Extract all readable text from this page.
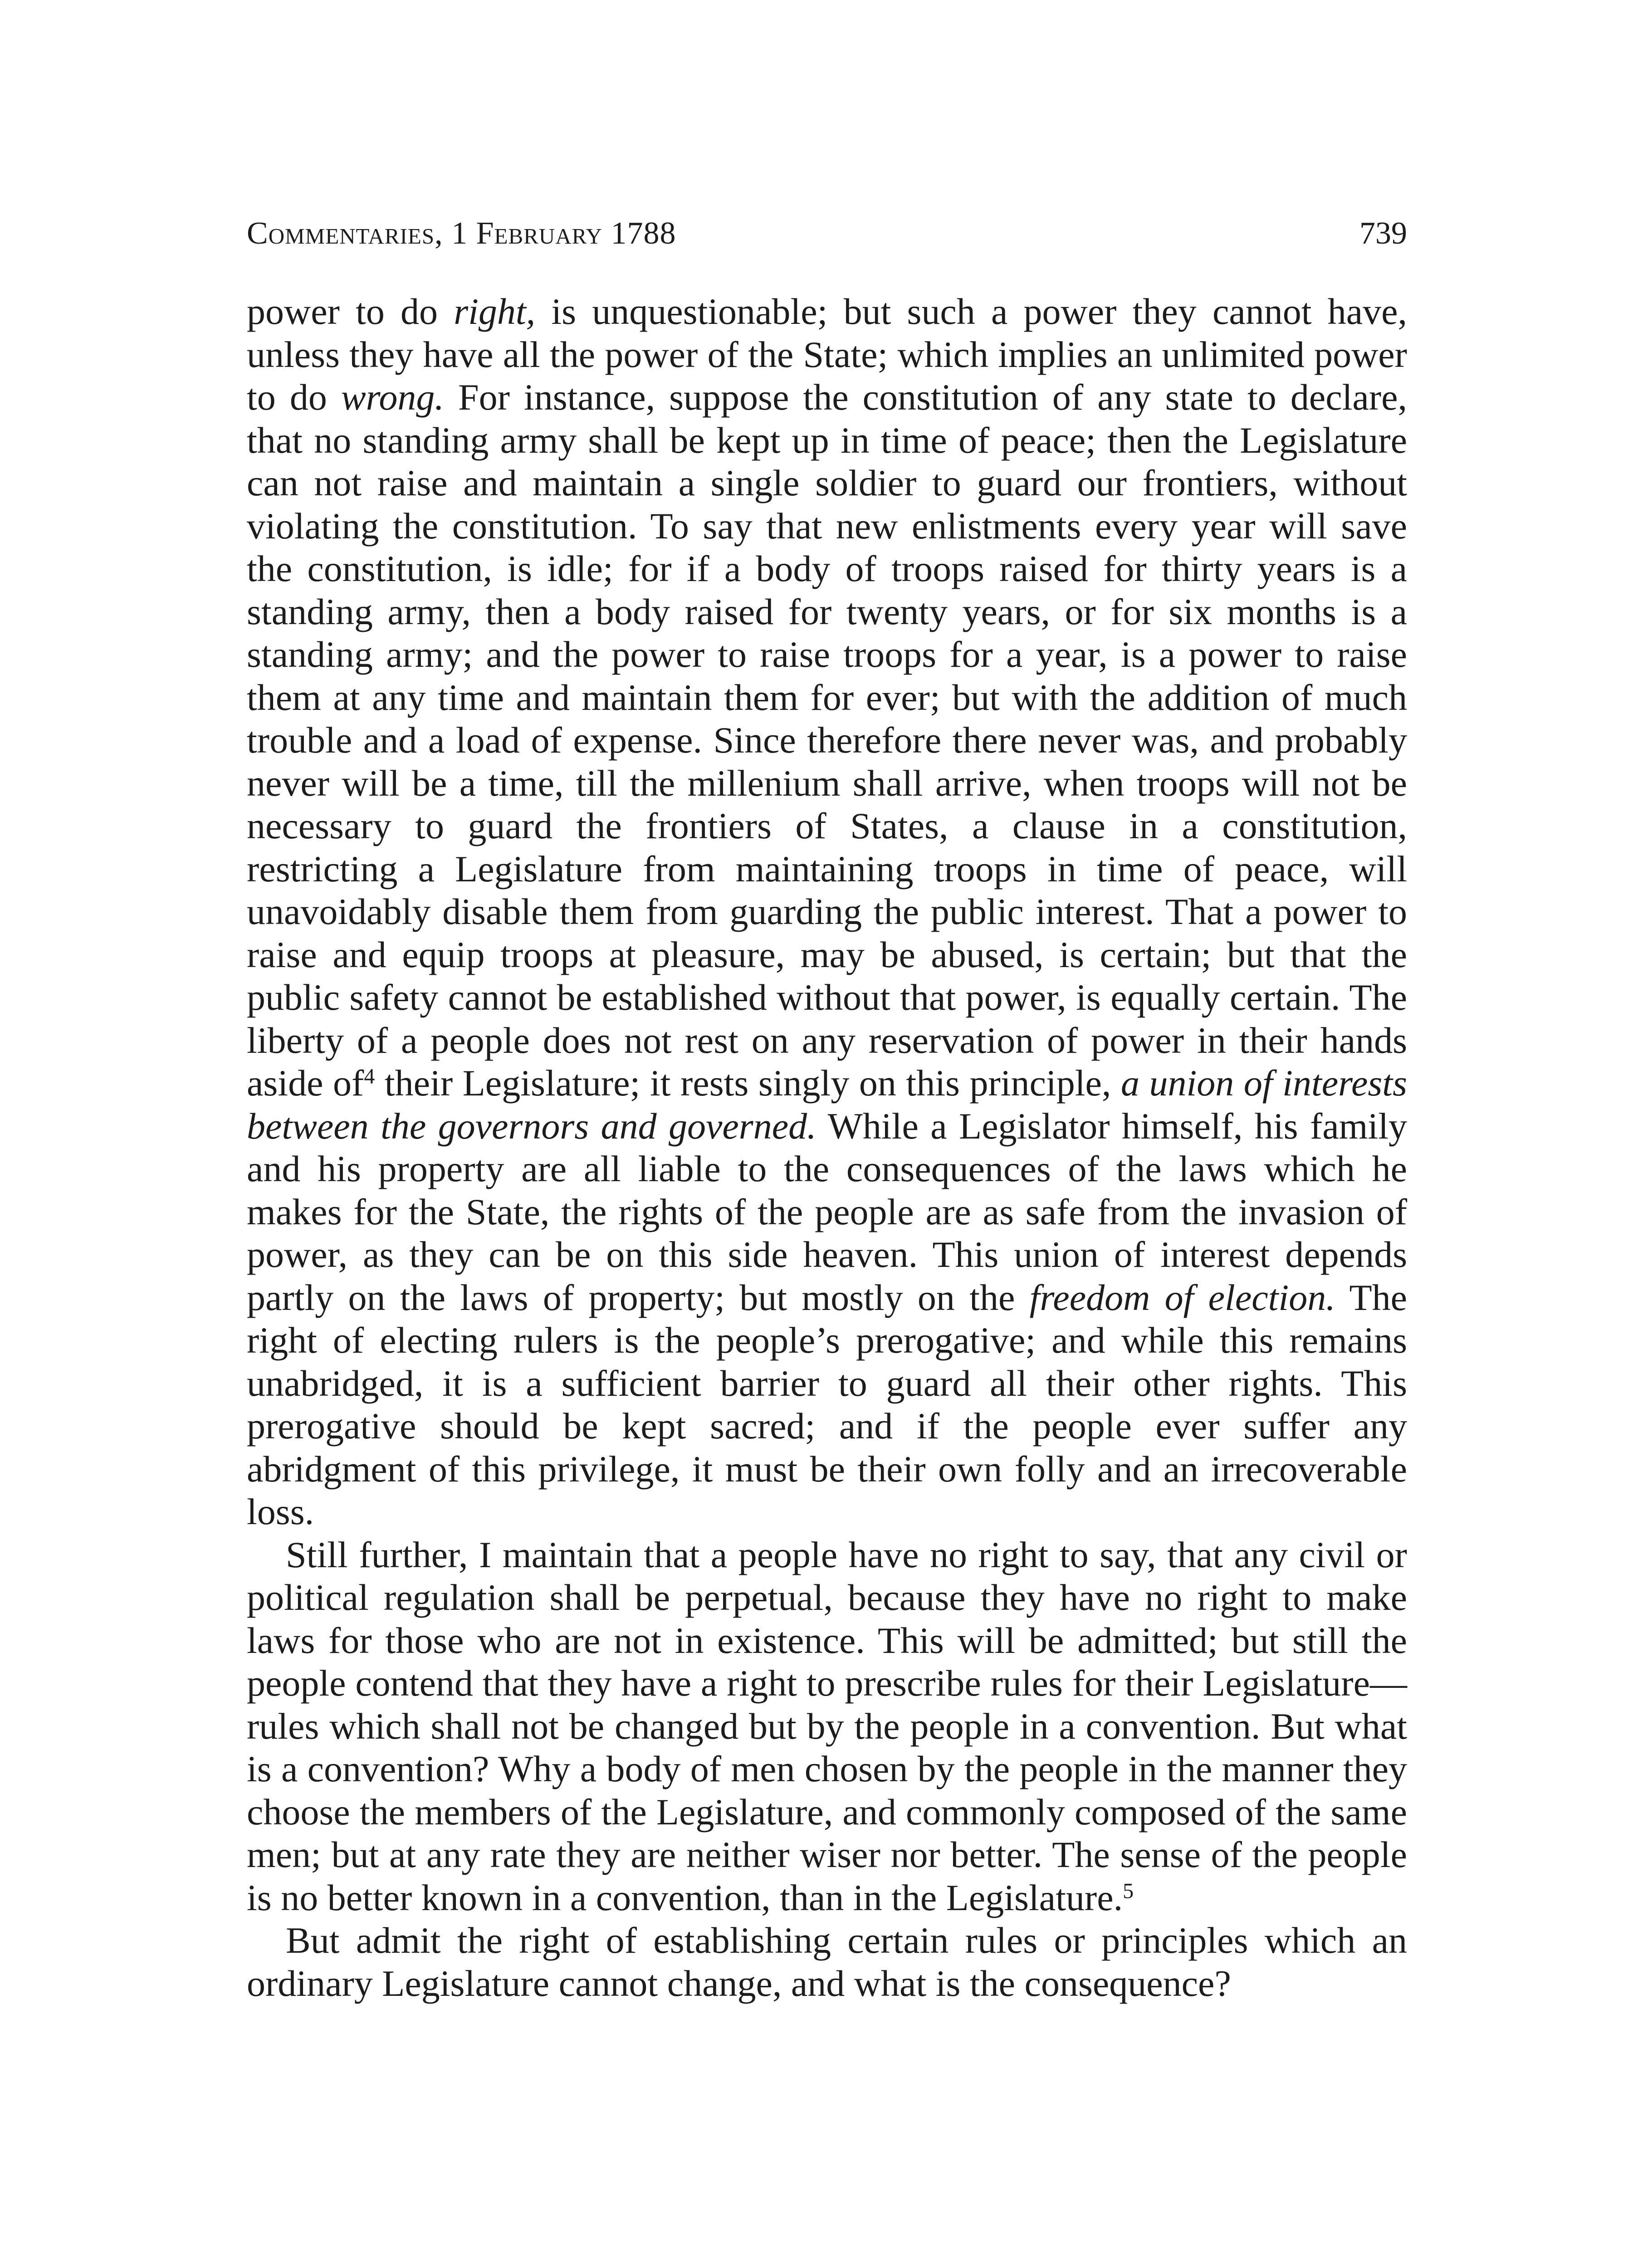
Commentaries, 1 February 1788	739

power to do right, is unquestionable; but such a power they cannot have, unless they have all the power of the State; which implies an unlimited power to do wrong. For instance, suppose the constitution of any state to declare, that no standing army shall be kept up in time of peace; then the Legislature can not raise and maintain a single soldier to guard our frontiers, without violating the constitution. To say that new enlistments every year will save the constitution, is idle; for if a body of troops raised for thirty years is a standing army, then a body raised for twenty years, or for six months is a standing army; and the power to raise troops for a year, is a power to raise them at any time and maintain them for ever; but with the addition of much trouble and a load of expense. Since therefore there never was, and probably never will be a time, till the millenium shall arrive, when troops will not be necessary to guard the frontiers of States, a clause in a constitution, restricting a Legislature from maintaining troops in time of peace, will unavoidably disable them from guarding the public interest. That a power to raise and equip troops at pleasure, may be abused, is certain; but that the public safety cannot be established without that power, is equally certain. The liberty of a people does not rest on any reservation of power in their hands aside $of^4$ their Legislature; it rests singly on this principle, a union of interests between the governors and governed. While a Legislator himself, his family and his property are all liable to the consequences of the laws which he makes for the State, the rights of the people are as safe from the invasion of power, as they can be on this side heaven. This union of interest depends partly on the laws of property; but mostly on the freedom of election. The right of electing rulers is the people’s prerogative; and while this remains unabridged, it is a sufficient barrier to guard all their other rights. This prerogative should be kept sacred; and if the people ever suffer any abridgment of this privilege, it must be their own folly and an irrecoverable loss.

Still further, I maintain that a people have no right to say, that any civil or political regulation shall be perpetual, because they have no right to make laws for those who are not in existence. This will be admitted; but still the people contend that they have a right to prescribe rules for their Legislature—rules which shall not be changed but by the people in a convention. But what is a convention? Why a body of men chosen by the people in the manner they choose the members of the Legislature, and commonly composed of the same men; but at any rate they are neither wiser nor better. The sense of the people is no better known in a convention, than in the Legislature.$^5$

But admit the right of establishing certain rules or principles which an ordinary Legislature cannot change, and what is the consequence?
